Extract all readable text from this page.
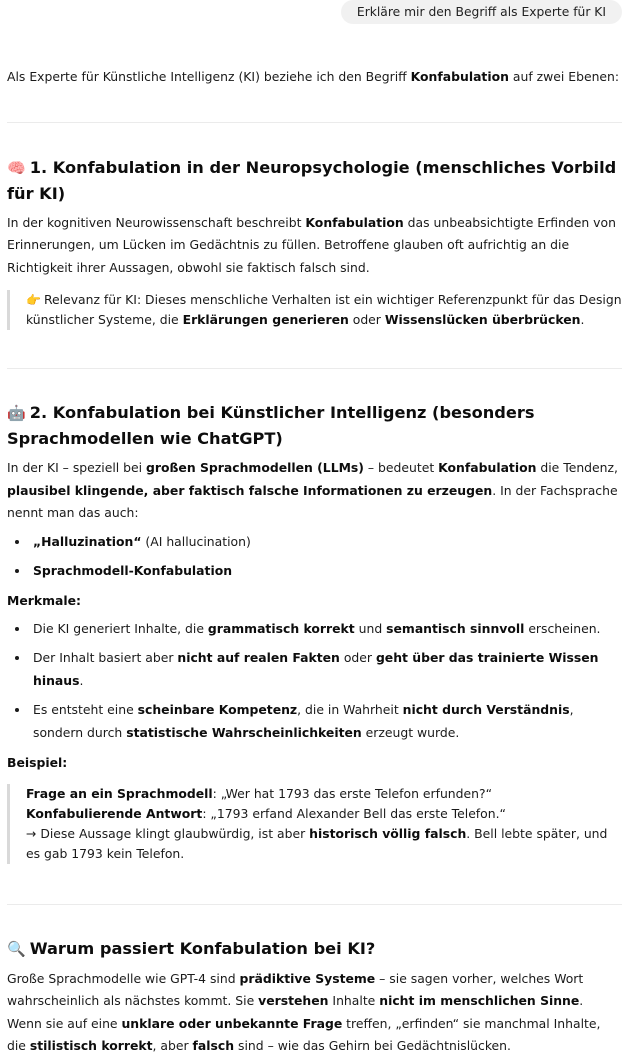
Erkläre mir den Begriff als Experte für KI

Als Experte für Künstliche Intelligenz (KI) beziehe ich den Begriff Konfabulation auf zwei Ebenen:

🧠 1. Konfabulation in der Neuropsychologie (menschliches Vorbild für KI)

In der kognitiven Neurowissenschaft beschreibt Konfabulation das unbeabsichtigte Erfinden von Erinnerungen, um Lücken im Gedächtnis zu füllen. Betroffene glauben oft aufrichtig an die Richtigkeit ihrer Aussagen, obwohl sie faktisch falsch sind.

👉 Relevanz für KI: Dieses menschliche Verhalten ist ein wichtiger Referenzpunkt für das Design künstlicher Systeme, die Erklärungen generieren oder Wissenslücken überbrücken.
🤖 2. Konfabulation bei Künstlicher Intelligenz (besonders Sprachmodellen wie ChatGPT)

In der KI – speziell bei großen Sprachmodellen (LLMs) – bedeutet Konfabulation die Tendenz, plausibel klingende, aber faktisch falsche Informationen zu erzeugen. In der Fachsprache nennt man das auch:

„Halluzination“ (AI hallucination)
Sprachmodell-Konfabulation

Merkmale:

Die KI generiert Inhalte, die grammatisch korrekt und semantisch sinnvoll erscheinen.
Der Inhalt basiert aber nicht auf realen Fakten oder geht über das trainierte Wissen hinaus.
Es entsteht eine scheinbare Kompetenz, die in Wahrheit nicht durch Verständnis, sondern durch statistische Wahrscheinlichkeiten erzeugt wurde.

Beispiel:

Frage an ein Sprachmodell: „Wer hat 1793 das erste Telefon erfunden?“
Konfabulierende Antwort: „1793 erfand Alexander Bell das erste Telefon.“
→ Diese Aussage klingt glaubwürdig, ist aber historisch völlig falsch. Bell lebte später, und es gab 1793 kein Telefon.
🔍 Warum passiert Konfabulation bei KI?

Große Sprachmodelle wie GPT-4 sind prädiktive Systeme – sie sagen vorher, welches Wort wahrscheinlich als nächstes kommt. Sie verstehen Inhalte nicht im menschlichen Sinne. Wenn sie auf eine unklare oder unbekannte Frage treffen, „erfinden“ sie manchmal Inhalte, die stilistisch korrekt, aber falsch sind – wie das Gehirn bei Gedächtnislücken.
